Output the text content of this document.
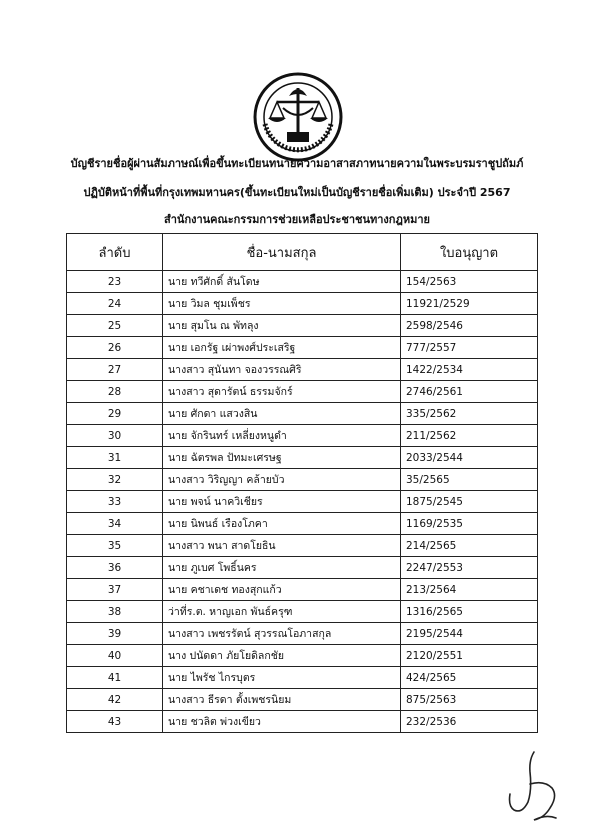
บัญชีรายชื่อผู้ผ่านสัมภาษณ์เพื่อขึ้นทะเบียนทนายความอาสาสภาทนายความในพระบรมราชูปถัมภ์
ปฏิบัติหน้าที่พื้นที่กรุงเทพมหานคร(ขึ้นทะเบียนใหม่เป็นบัญชีรายชื่อเพิ่มเติม) ประจำปี 2567
สำนักงานคณะกรรมการช่วยเหลือประชาชนทางกฎหมาย
ลำดับ	ชื่อ-นามสกุล	ใบอนุญาต
23	นาย ทวีศักดิ์ สันโดษ	154/2563
24	นาย วิมล ชุมเพ็ชร	11921/2529
25	นาย สุมโน ณ พัทลุง	2598/2546
26	นาย เอกรัฐ เผ่าพงศ์ประเสริฐ	777/2557
27	นางสาว สุนันทา จองวรรณศิริ	1422/2534
28	นางสาว สุดารัตน์ ธรรมจักร์	2746/2561
29	นาย ศักดา แสวงสิน	335/2562
30	นาย จักรินทร์ เหลี่ยงหนูดำ	211/2562
31	นาย ฉัตรพล ปัทมะเศรษฐ	2033/2544
32	นางสาว วิริญญา คล้ายบัว	35/2565
33	นาย พจน์ นาควิเชียร	1875/2545
34	นาย นิพนธ์ เรืองโภคา	1169/2535
35	นางสาว พนา สาดโยธิน	214/2565
36	นาย ภูเบศ โพธิ์นคร	2247/2553
37	นาย คชาเดช ทองสุกแก้ว	213/2564
38	ว่าที่ร.ต. หาญเอก พันธ์ครุฑ	1316/2565
39	นางสาว เพชรรัตน์ สุวรรณโอภาสกุล	2195/2544
40	นาง ปนัดดา ภัยโยดิลกชัย	2120/2551
41	นาย ไพรัช ไกรบุตร	424/2565
42	นางสาว ธีรดา ตั้งเพชรนิยม	875/2563
43	นาย ชวลิต พ่วงเขียว	232/2536
